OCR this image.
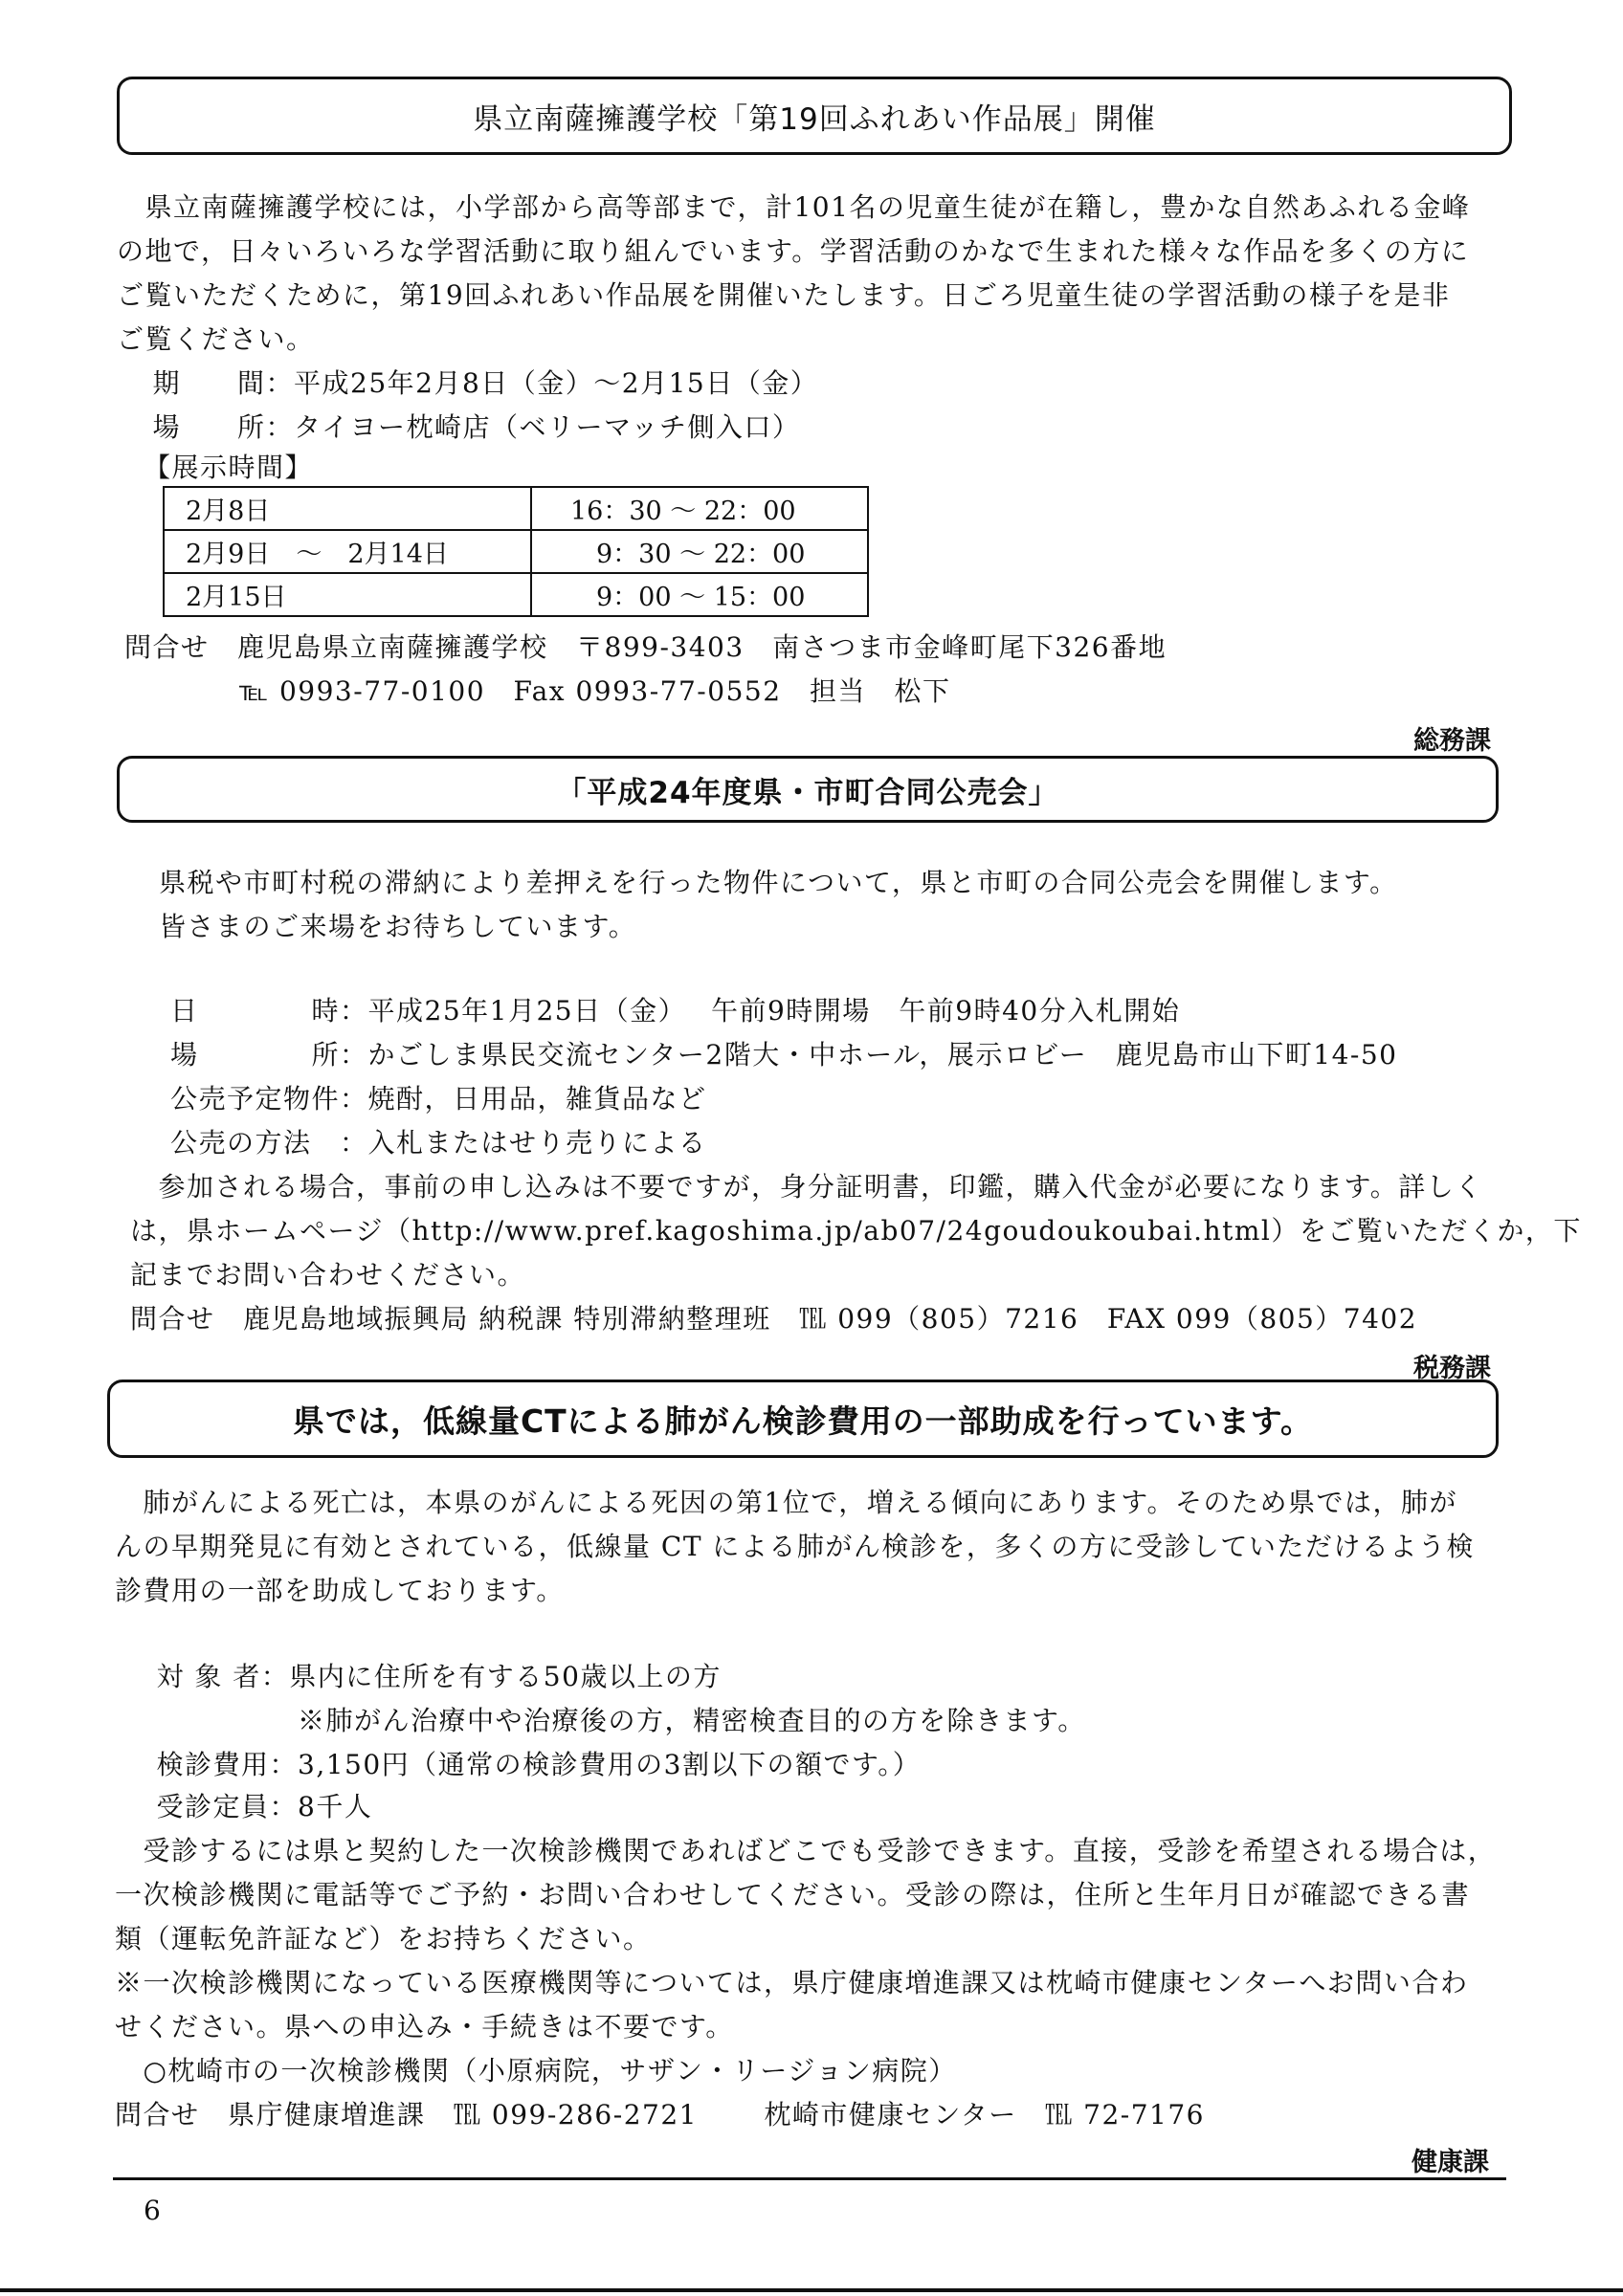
県立南薩擁護学校「第19回ふれあい作品展」開催
　県立南薩擁護学校には，小学部から高等部まで，計101名の児童生徒が在籍し，豊かな自然あふれる金峰
の地で，日々いろいろな学習活動に取り組んでいます。学習活動のかなで生まれた様々な作品を多くの方に
ご覧いただくために，第19回ふれあい作品展を開催いたします。日ごろ児童生徒の学習活動の様子を是非
ご覧ください。
　期　　間：平成25年2月8日（金）～2月15日（金）
　場　　所：タイヨー枕崎店（ベリーマッチ側入口）
【展示時間】
2月8日	16：30 ～ 22：00
2月9日　～　2月14日	　9：30 ～ 22：00
2月15日	　9：00 ～ 15：00
問合せ　鹿児島県立南薩擁護学校　〒899-3403　南さつま市金峰町尾下326番地
℡ 0993-77-0100　Fax 0993-77-0552　担当　松下
総務課
「平成24年度県・市町合同公売会」
県税や市町村税の滞納により差押えを行った物件について，県と市町の合同公売会を開催します。
皆さまのご来場をお待ちしています。
日　　　　時：平成25年1月25日（金）　 午前9時開場　午前9時40分入札開始
場　　　　所：かごしま県民交流センター2階大・中ホール，展示ロビー　鹿児島市山下町14-50
公売予定物件：焼酎，日用品，雑貨品など
公売の方法　：入札またはせり売りによる
　参加される場合，事前の申し込みは不要ですが，身分証明書，印鑑，購入代金が必要になります。詳しく
は，県ホームページ（http://www.pref.kagoshima.jp/ab07/24goudoukoubai.html）をご覧いただくか，下
記までお問い合わせください。
問合せ　鹿児島地域振興局 納税課 特別滞納整理班　℡ 099（805）7216　FAX 099（805）7402
税務課
県では，低線量CTによる肺がん検診費用の一部助成を行っています。
　肺がんによる死亡は，本県のがんによる死因の第1位で，増える傾向にあります。そのため県では，肺が
んの早期発見に有効とされている，低線量 CT による肺がん検診を，多くの方に受診していただけるよう検
診費用の一部を助成しております。
　対 象 者：県内に住所を有する50歳以上の方
　　　　　　※肺がん治療中や治療後の方，精密検査目的の方を除きます。
　検診費用：3,150円（通常の検診費用の3割以下の額です。）
　受診定員：8千人
　受診するには県と契約した一次検診機関であればどこでも受診できます。直接，受診を希望される場合は，
一次検診機関に電話等でご予約・お問い合わせしてください。受診の際は，住所と生年月日が確認できる書
類（運転免許証など）をお持ちください。
※一次検診機関になっている医療機関等については，県庁健康増進課又は枕崎市健康センターへお問い合わ
せください。県への申込み・手続きは不要です。
　○枕崎市の一次検診機関（小原病院，サザン・リージョン病院）
問合せ　県庁健康増進課　℡ 099-286-2721　　 枕崎市健康センター　℡ 72-7176
健康課
6
